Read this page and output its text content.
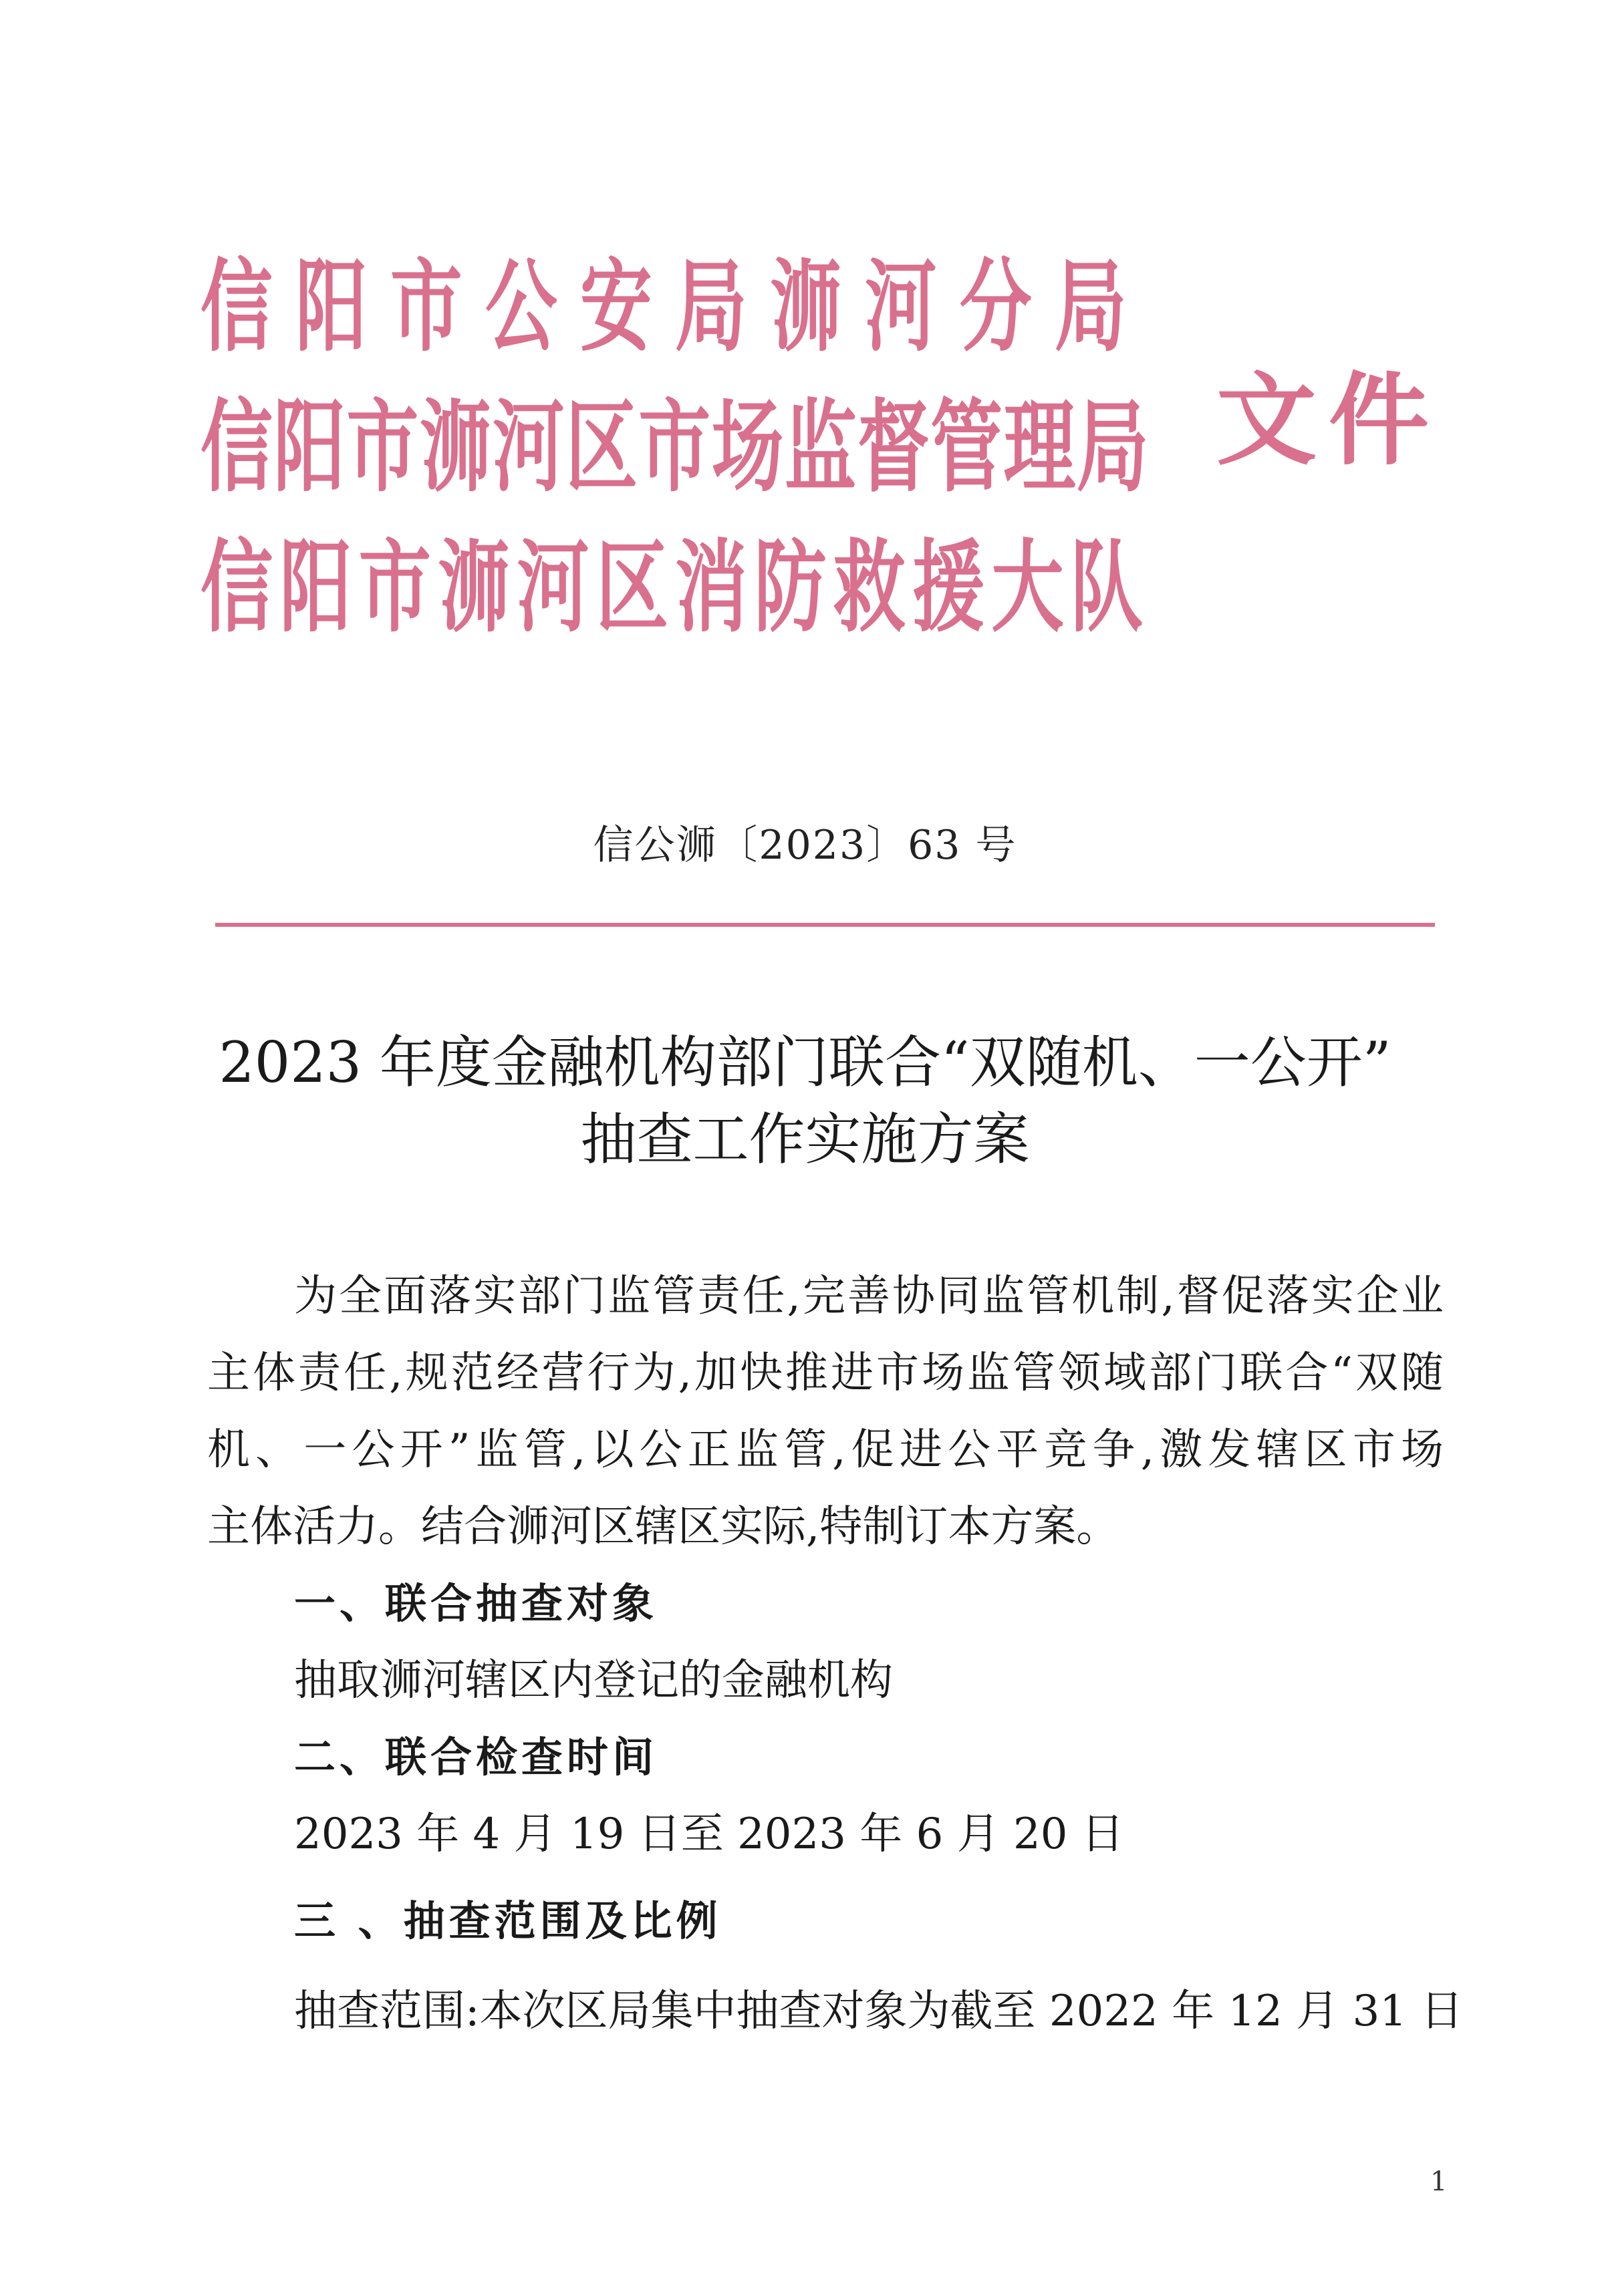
信阳市公安局浉河分局
信阳市浉河区市场监督管理局
信阳市浉河区消防救援大队
文件
信公浉〔2023〕63 号
2023 年度金融机构部门联合“双随机、一公开”
抽查工作实施方案
为全面落实部门监管责任,完善协同监管机制,督促落实企业
主体责任,规范经营行为,加快推进市场监管领域部门联合“双随
机、一公开”监管,以公正监管,促进公平竞争,激发辖区市场
主体活力。结合浉河区辖区实际,特制订本方案。
一、联合抽查对象
抽取浉河辖区内登记的金融机构
二、联合检查时间
2023 年 4 月 19 日至 2023 年 6 月 20 日
三 、抽查范围及比例
抽查范围:本次区局集中抽查对象为截至 2022 年 12 月 31 日
1
